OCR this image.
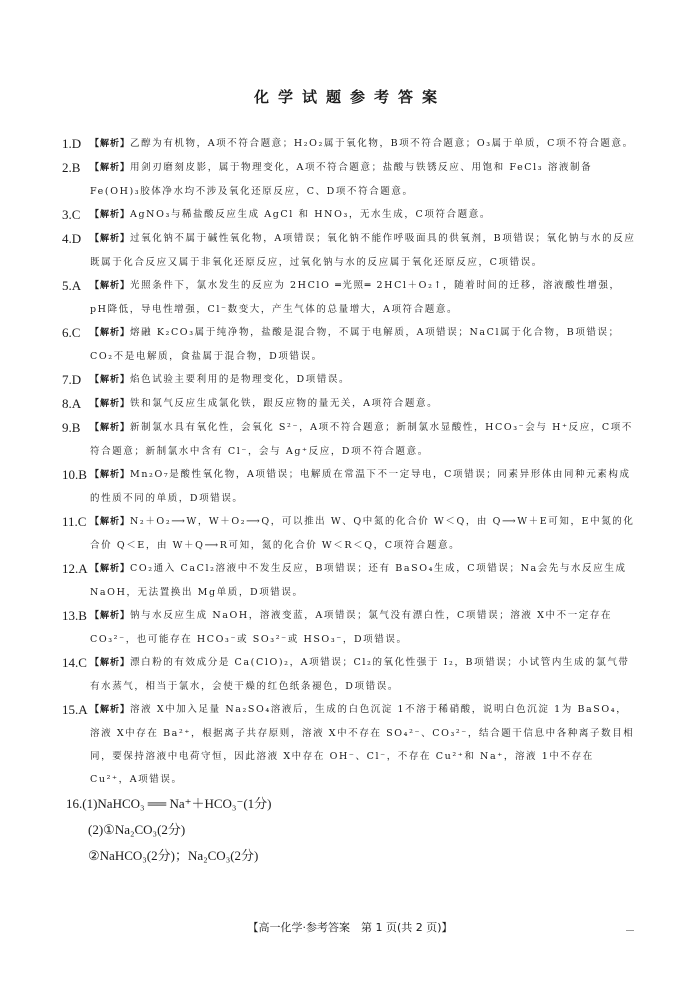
化学试题参考答案
1.D 【解析】乙醇为有机物，A项不符合题意；H₂O₂属于氧化物，B项不符合题意；O₃属于单质，C项不符合题意。
2.B 【解析】用剑刃磨刻皮影，属于物理变化，A项不符合题意；盐酸与铁锈反应、用饱和 FeCl₃ 溶液制备 Fe(OH)₃胶体净水均不涉及氧化还原反应，C、D项不符合题意。
3.C 【解析】AgNO₃与稀盐酸反应生成 AgCl 和 HNO₃，无水生成，C项符合题意。
4.D 【解析】过氧化钠不属于碱性氧化物，A项错误；氧化钠不能作呼吸面具的供氧剂，B项错误；氧化钠与水的反应既属于化合反应又属于非氧化还原反应，过氧化钠与水的反应属于氧化还原反应，C项错误。
5.A 【解析】光照条件下，氯水发生的反应为 2HClO ═光照═ 2HCl＋O₂↑，随着时间的迁移，溶液酸性增强，pH降低，导电性增强，Cl⁻数变大，产生气体的总量增大，A项符合题意。
6.C 【解析】熔融 K₂CO₃属于纯净物，盐酸是混合物，不属于电解质，A项错误；NaCl属于化合物，B项错误；CO₂不是电解质，食盐属于混合物，D项错误。
7.D 【解析】焰色试验主要利用的是物理变化，D项错误。
8.A 【解析】铁和氯气反应生成氯化铁，跟反应物的量无关，A项符合题意。
9.B 【解析】新制氯水具有氧化性，会氧化 S²⁻，A项不符合题意；新制氯水显酸性，HCO₃⁻会与 H⁺反应，C项不符合题意；新制氯水中含有 Cl⁻，会与 Ag⁺反应，D项不符合题意。
10.B 【解析】Mn₂O₇是酸性氧化物，A项错误；电解质在常温下不一定导电，C项错误；同素异形体由同种元素构成的性质不同的单质，D项错误。
11.C 【解析】N₂＋O₂⟶W，W＋O₂⟶Q，可以推出 W、Q中氮的化合价 W＜Q，由 Q⟶W＋E可知，E中氮的化合价 Q＜E，由 W＋Q⟶R可知，氮的化合价 W＜R＜Q，C项符合题意。
12.A 【解析】CO₂通入 CaCl₂溶液中不发生反应，B项错误；还有 BaSO₄生成，C项错误；Na会先与水反应生成 NaOH，无法置换出 Mg单质，D项错误。
13.B 【解析】钠与水反应生成 NaOH，溶液变蓝，A项错误；氯气没有漂白性，C项错误；溶液 X中不一定存在 CO₃²⁻，也可能存在 HCO₃⁻或 SO₃²⁻或 HSO₃⁻，D项错误。
14.C 【解析】漂白粉的有效成分是 Ca(ClO)₂，A项错误；Cl₂的氧化性强于 I₂，B项错误；小试管内生成的氯气带有水蒸气，相当于氯水，会使干燥的红色纸条褪色，D项错误。
15.A 【解析】溶液 X中加入足量 Na₂SO₄溶液后，生成的白色沉淀 1不溶于稀硝酸，说明白色沉淀 1为 BaSO₄，溶液 X中存在 Ba²⁺，根据离子共存原则，溶液 X中不存在 SO₄²⁻、CO₃²⁻，结合题干信息中各种离子数目相同，要保持溶液中电荷守恒，因此溶液 X中存在 OH⁻、Cl⁻，不存在 Cu²⁺和 Na⁺，溶液 1中不存在 Cu²⁺，A项错误。
16.(1)NaHCO₃ ══ Na⁺＋HCO₃⁻(1分)
(2)①Na₂CO₃(2分)
②NaHCO₃(2分)；Na₂CO₃(2分)
【高一化学·参考答案　第 1 页(共 2 页)】
